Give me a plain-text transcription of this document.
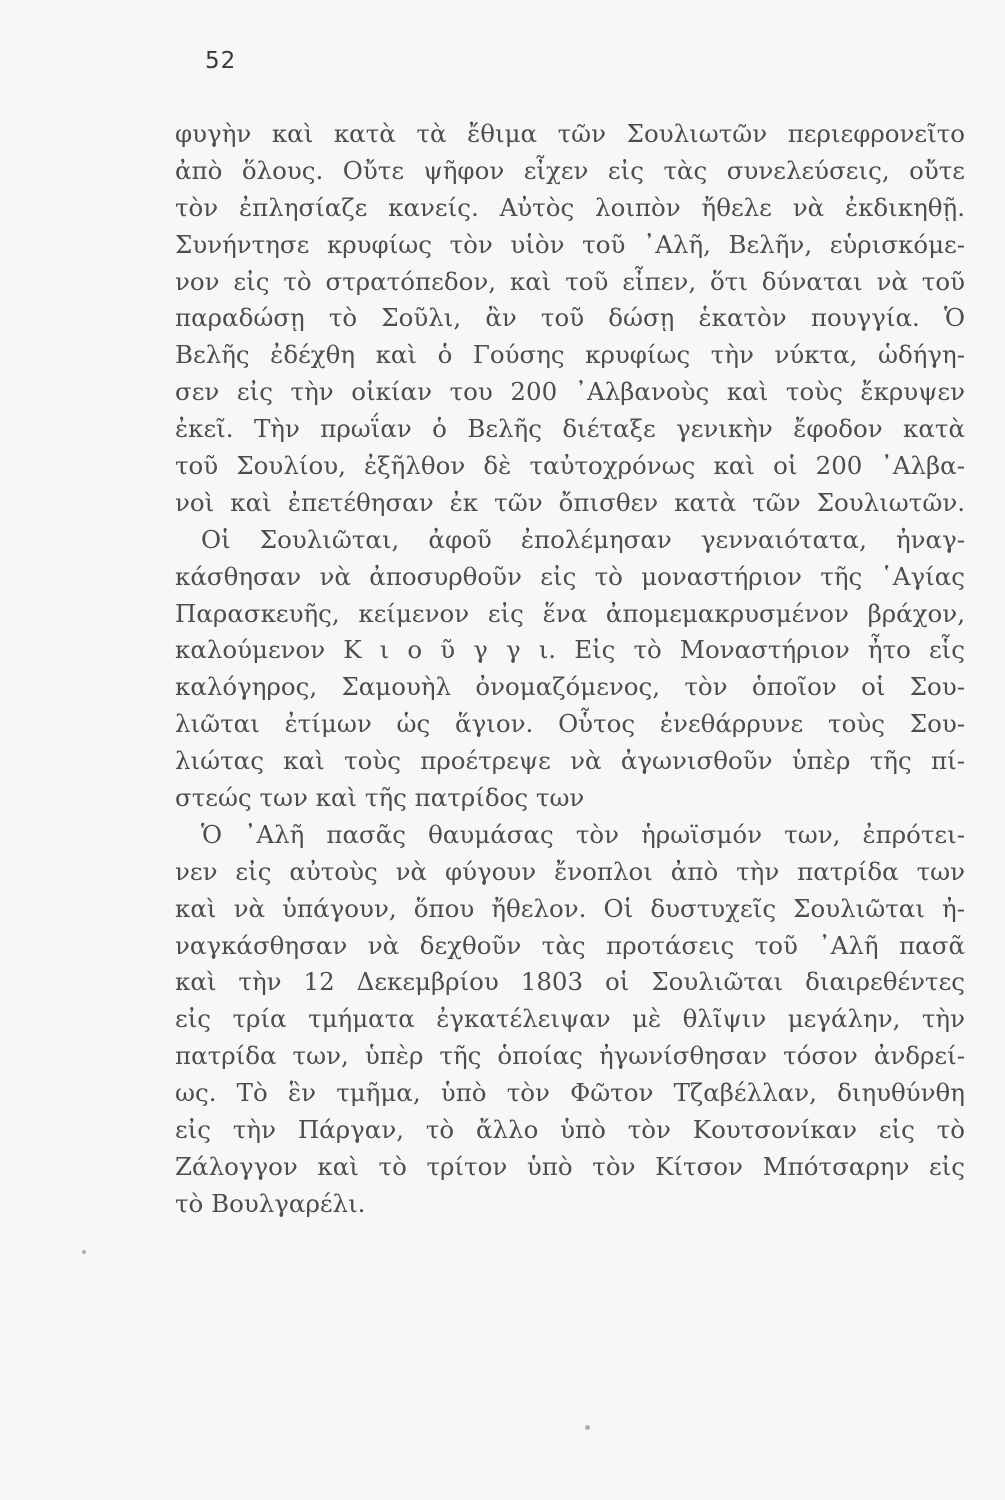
52
φυγὴν καὶ κατὰ τὰ ἔθιμα τῶν Σουλιωτῶν περιεφρονεῖτο
ἀπὸ ὅλους. Οὔτε ψῆφον εἶχεν εἰς τὰς συνελεύσεις, οὔτε
τὸν ἐπλησίαζε κανείς. Αὐτὸς λοιπὸν ἤθελε νὰ ἐκδικηθῇ.
Συνήντησε κρυφίως τὸν υἱὸν τοῦ ᾿Αλῆ, Βελῆν, εὑρισκόμε-
νον εἰς τὸ στρατόπεδον, καὶ τοῦ εἶπεν, ὅτι δύναται νὰ τοῦ
παραδώσῃ τὸ Σοῦλι, ἂν τοῦ δώσῃ ἑκατὸν πουγγία. Ὁ
Βελῆς ἐδέχθη καὶ ὁ Γούσης κρυφίως τὴν νύκτα, ὡδήγη-
σεν εἰς τὴν οἰκίαν του 200 ᾿Αλβανοὺς καὶ τοὺς ἔκρυψεν
ἐκεῖ. Τὴν πρωΐαν ὁ Βελῆς διέταξε γενικὴν ἔφοδον κατὰ
τοῦ Σουλίου, ἐξῆλθον δὲ ταὐτοχρόνως καὶ οἱ 200 ᾿Αλβα-
νοὶ καὶ ἐπετέθησαν ἐκ τῶν ὄπισθεν κατὰ τῶν Σουλιωτῶν.
Οἱ Σουλιῶται, ἀφοῦ ἐπολέμησαν γενναιότατα, ἠναγ-
κάσθησαν νὰ ἀποσυρθοῦν εἰς τὸ μοναστήριον τῆς ῾Αγίας
Παρασκευῆς, κείμενον εἰς ἕνα ἀπομεμακρυσμένον βράχον,
καλούμενον Κ ι ο ῦ γ γ ι. Εἰς τὸ Μοναστήριον ἦτο εἷς
καλόγηρος, Σαμουὴλ ὀνομαζόμενος, τὸν ὁποῖον οἱ Σου-
λιῶται ἐτίμων ὡς ἅγιον. Οὗτος ἐνεθάρρυνε τοὺς Σου-
λιώτας καὶ τοὺς προέτρεψε νὰ ἀγωνισθοῦν ὑπὲρ τῆς πί-
στεώς των καὶ τῆς πατρίδος των
Ὁ ᾿Αλῆ πασᾶς θαυμάσας τὸν ἡρωϊσμόν των, ἐπρότει-
νεν εἰς αὐτοὺς νὰ φύγουν ἔνοπλοι ἀπὸ τὴν πατρίδα των
καὶ νὰ ὑπάγουν, ὅπου ἤθελον. Οἱ δυστυχεῖς Σουλιῶται ἠ-
ναγκάσθησαν νὰ δεχθοῦν τὰς προτάσεις τοῦ ᾿Αλῆ πασᾶ
καὶ τὴν 12 Δεκεμβρίου 1803 οἱ Σουλιῶται διαιρεθέντες
εἰς τρία τμήματα ἐγκατέλειψαν μὲ θλῖψιν μεγάλην, τὴν
πατρίδα των, ὑπὲρ τῆς ὁποίας ἠγωνίσθησαν τόσον ἀνδρεί-
ως. Τὸ ἓν τμῆμα, ὑπὸ τὸν Φῶτον Τζαβέλλαν, διηυθύνθη
εἰς τὴν Πάργαν, τὸ ἄλλο ὑπὸ τὸν Κουτσονίκαν εἰς τὸ
Ζάλογγον καὶ τὸ τρίτον ὑπὸ τὸν Κίτσον Μπότσαρην εἰς
τὸ Βουλγαρέλι.
